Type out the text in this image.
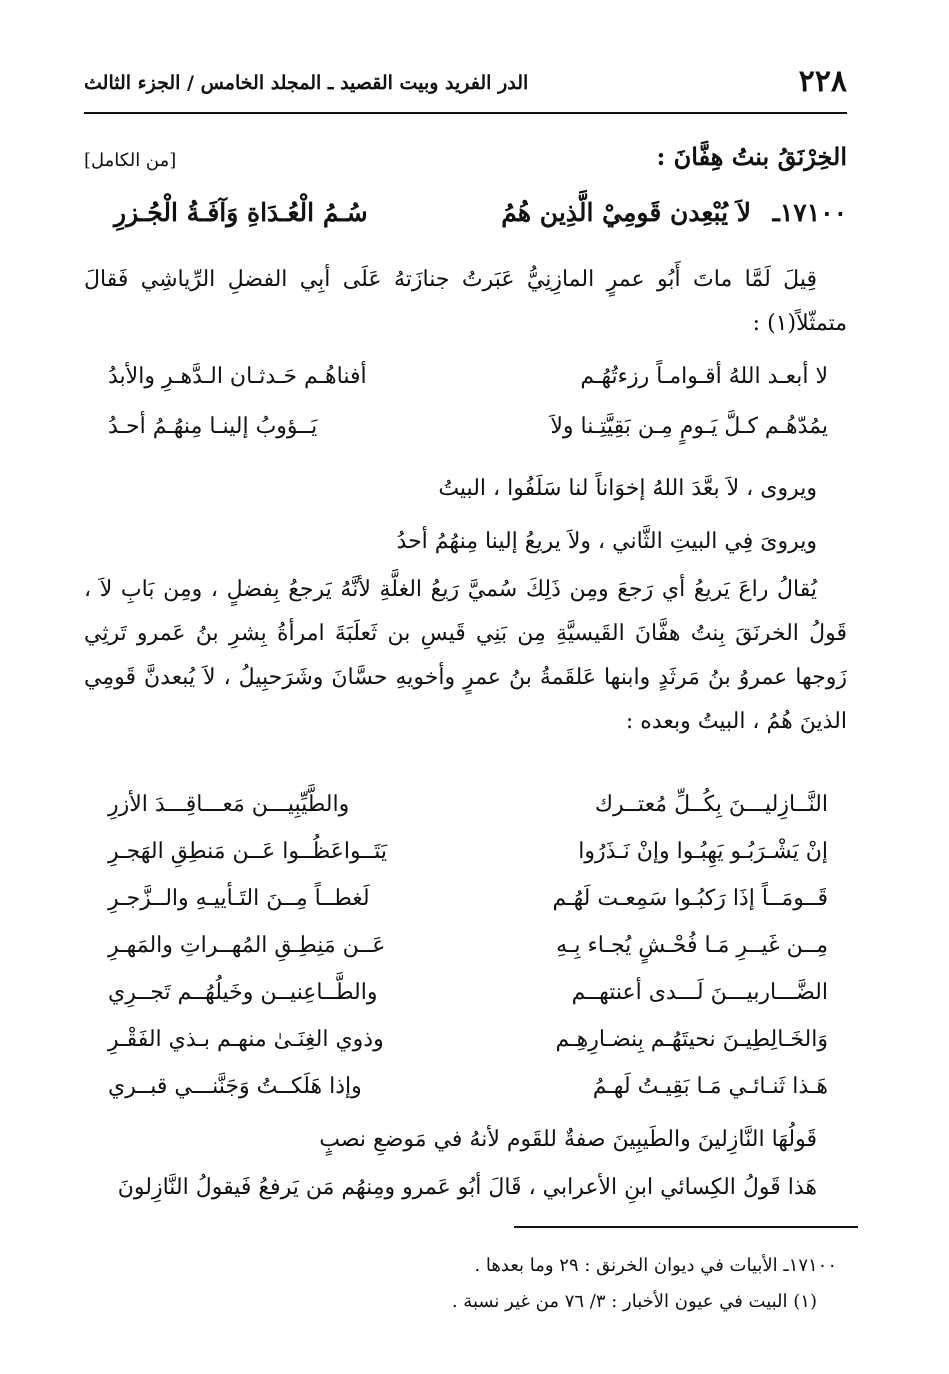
٢٢٨
الدر الفريد وبيت القصيد ـ المجلد الخامس / الجزء الثالث
الخِرْنَقُ بنتُ هِفَّانَ :
[من الكامل]
١٧١٠٠ـ
لاَ يُبْعِدن قَومِيْ الَّذِين هُمُ
سُـمُ الْعُـدَاةِ وَآفَـةُ الْجُـزرِ
قِيلَ لَمَّا ماتَ أَبُو عمرٍ المازِنِيُّ عَبَرتُ جنازَتهُ عَلَى أبِي الفضلِ الرِّياشِي فَقالَ متمثّلاً(١) :
لا أبعـد اللهُ أقـوامـاً رزءتُهُـم
أفناهُـم حَـدثـان الـدَّهـرِ والأبدُ
يمُدّهُـم كـلَّ يَـومٍ مِـن بَقِيَّتِـنا ولاَ
يَــؤوبُ إلينـا مِنهُـمُ أحـدُ
ويروى ، لاَ بعَّدَ اللهُ إخوَاناً لنا سَلَفُوا ، البيتُ
ويروىَ فِي البيتِ الثَّاني ، ولاَ يريعُ إلينا مِنهُمُ أحدُ
يُقالُ راعَ يَريعُ أي رَجعَ ومِن ذَلِكَ سُميَّ رَيعُ الغلَّةِ لأنَّهُ يَرجعُ بِفضلٍ ، ومِن بَابِ لاَ ، قَولُ الخرنَقَ بِنتُ هفَّانَ القَيسيَّةِ مِن بَنِي قَيسِ بن ثَعلَبَةَ امرأةُ بِشرِ بنُ عَمرو تَرثِي زَوجها عمروُ بنُ مَرثَدٍ وابنها عَلقَمةُ بنُ عمرٍ وأخويهِ حسَّانَ وشَرَحبِيلُ ، لاَ يُبعدنَّ قَومِي الذينَ هُمُ ، البيتُ وبعده :
النَّــازِليـــنَ بِكُــلِّ مُعتــرك
والطَّيِّبِيـــن مَعـــاقِـــدَ الأزرِ
إنْ يَشْـرَبُـو يَهِبُـوا وإنْ نَـذَرُوا
يَتَــواعَظُــوا عَــن مَنطِقِ الهَجـرِ
قَــومَــاً إذَا رَكبُـوا سَمِعـت لَهُـم
لَغطــاً مِــنَ التَـأييـهِ والــزَّجـرِ
مِــن غَيــرِ مَـا فُحْـشٍ يُجـاء بِـهِ
عَــن مَنِطِـقِ المُهــراتِ والمَهـرِ
الضَّـــاربيـــنَ لَـــدى أعنتهــم
والطَّــاعِنيــن وخَيلُهُــم تَجــرِي
وَالخَـالِطِيـنَ نحيتَهُـم بِنضـارِهِـم
وذوي الغِنَـىٰ منهـم بـذي الفَقْـرِ
هَـذا ثَنـائـي مَـا بَقِيـتُ لَهـمُ
وإذا هَلَكــتُ وَجَنَّنـــي قبــري
قَولُهَا النَّازِلينَ والطَيبِينَ صفةٌ للقَوم لأنهُ في مَوضعِ نصبٍ
هَذا قَولُ الكِسائي ابنِ الأعرابي ، قَالَ أبُو عَمرو ومِنهُم مَن يَرفعُ فَيقولُ النَّازِلونَ
١٧١٠٠ـ الأبيات في ديوان الخرنق : ٢٩ وما بعدها .
(١) البيت في عيون الأخبار : ٣/ ٧٦ من غير نسبة .
